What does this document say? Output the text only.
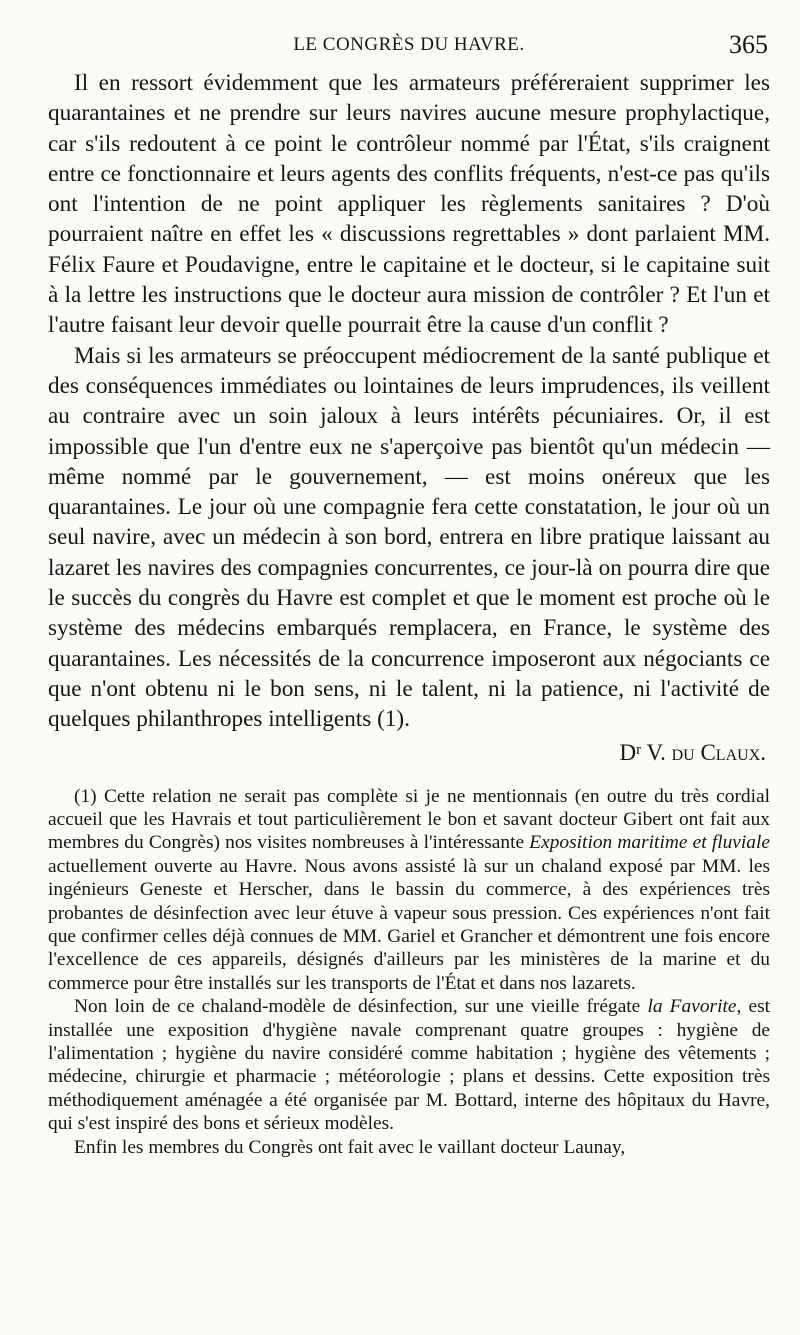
LE CONGRÈS DU HAVRE.	365

Il en ressort évidemment que les armateurs préféreraient supprimer les quarantaines et ne prendre sur leurs navires aucune mesure prophylactique, car s'ils redoutent à ce point le contrôleur nommé par l'État, s'ils craignent entre ce fonctionnaire et leurs agents des conflits fréquents, n'est-ce pas qu'ils ont l'intention de ne point appliquer les règlements sanitaires ? D'où pourraient naître en effet les « discussions regrettables » dont parlaient MM. Félix Faure et Poudavigne, entre le capitaine et le docteur, si le capitaine suit à la lettre les instructions que le docteur aura mission de contrôler ? Et l'un et l'autre faisant leur devoir quelle pourrait être la cause d'un conflit ?

Mais si les armateurs se préoccupent médiocrement de la santé publique et des conséquences immédiates ou lointaines de leurs imprudences, ils veillent au contraire avec un soin jaloux à leurs intérêts pécuniaires. Or, il est impossible que l'un d'entre eux ne s'aperçoive pas bientôt qu'un médecin — même nommé par le gouvernement, — est moins onéreux que les quarantaines. Le jour où une compagnie fera cette constatation, le jour où un seul navire, avec un médecin à son bord, entrera en libre pratique laissant au lazaret les navires des compagnies concurrentes, ce jour-là on pourra dire que le succès du congrès du Havre est complet et que le moment est proche où le système des médecins embarqués remplacera, en France, le système des quarantaines. Les nécessités de la concurrence imposeront aux négociants ce que n'ont obtenu ni le bon sens, ni le talent, ni la patience, ni l'activité de quelques philanthropes intelligents (1).

$D^r$ V. du Claux.

(1) Cette relation ne serait pas complète si je ne mentionnais (en outre du très cordial accueil que les Havrais et tout particulièrement le bon et savant docteur Gibert ont fait aux membres du Congrès) nos visites nombreuses à l'intéressante Exposition maritime et fluviale actuellement ouverte au Havre. Nous avons assisté là sur un chaland exposé par MM. les ingénieurs Geneste et Herscher, dans le bassin du commerce, à des expériences très probantes de désinfection avec leur étuve à vapeur sous pression. Ces expériences n'ont fait que confirmer celles déjà connues de MM. Gariel et Grancher et démontrent une fois encore l'excellence de ces appareils, désignés d'ailleurs par les ministères de la marine et du commerce pour être installés sur les transports de l'État et dans nos lazarets.

Non loin de ce chaland-modèle de désinfection, sur une vieille frégate la Favorite, est installée une exposition d'hygiène navale comprenant quatre groupes : hygiène de l'alimentation ; hygiène du navire considéré comme habitation ; hygiène des vêtements ; médecine, chirurgie et pharmacie ; météorologie ; plans et dessins. Cette exposition très méthodiquement aménagée a été organisée par M. Bottard, interne des hôpitaux du Havre, qui s'est inspiré des bons et sérieux modèles.

Enfin les membres du Congrès ont fait avec le vaillant docteur Launay,
